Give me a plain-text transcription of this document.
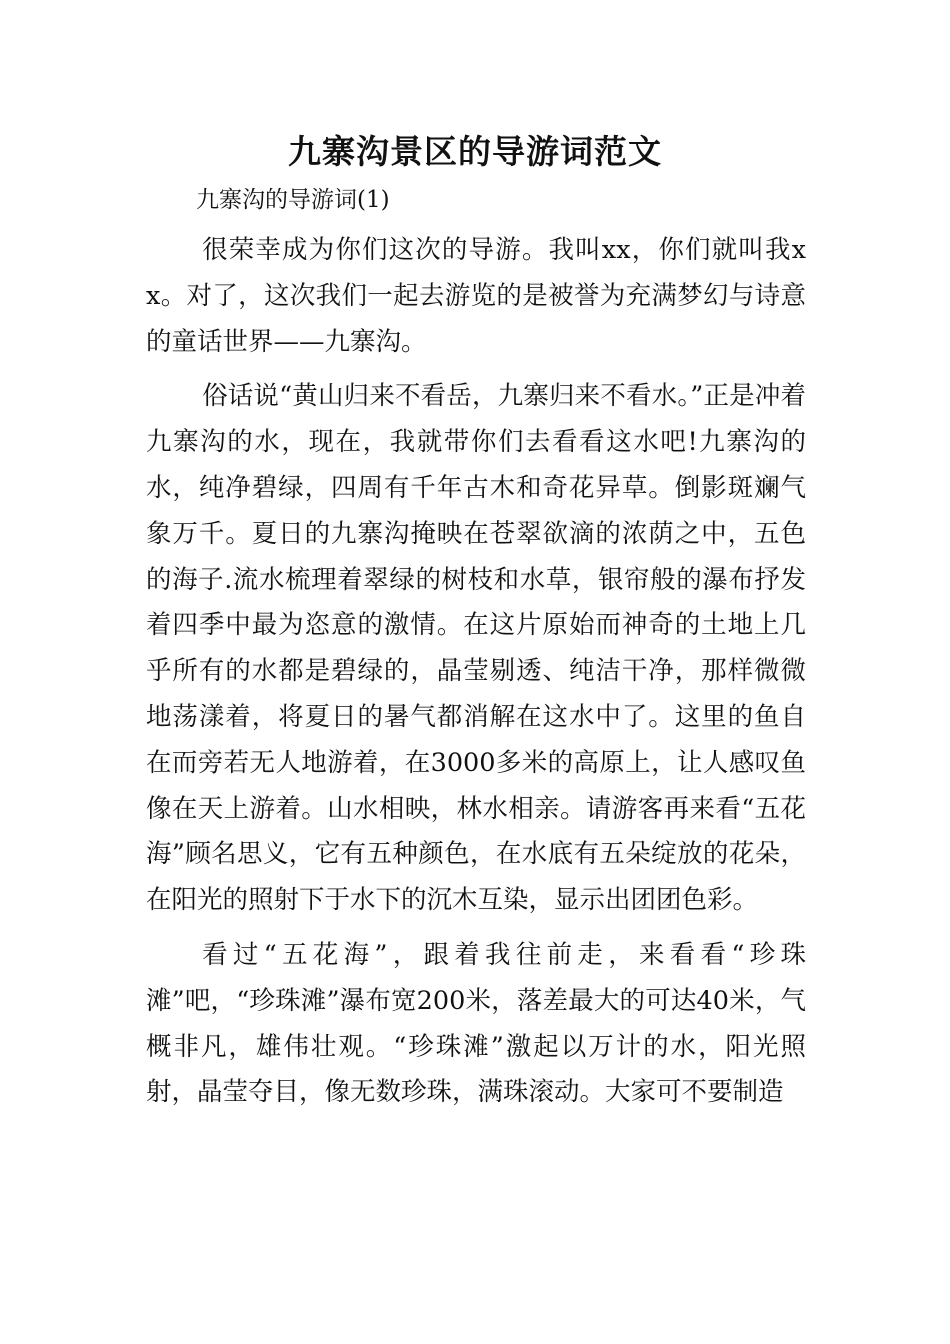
九寨沟景区的导游词范文

九寨沟的导游词(1)

很荣幸成为你们这次的导游。我叫xx，你们就叫我xx。对了，这次我们一起去游览的是被誉为充满梦幻与诗意的童话世界——九寨沟。

俗话说“黄山归来不看岳，九寨归来不看水。”正是冲着九寨沟的水，现在，我就带你们去看看这水吧!九寨沟的水，纯净碧绿，四周有千年古木和奇花异草。倒影斑斓气象万千。夏日的九寨沟掩映在苍翠欲滴的浓荫之中，五色的海子.流水梳理着翠绿的树枝和水草，银帘般的瀑布抒发着四季中最为恣意的激情。在这片原始而神奇的土地上几乎所有的水都是碧绿的，晶莹剔透、纯洁干净，那样微微地荡漾着，将夏日的暑气都消解在这水中了。这里的鱼自在而旁若无人地游着，在3000多米的高原上，让人感叹鱼像在天上游着。山水相映，林水相亲。请游客再来看“五花海”顾名思义，它有五种颜色，在水底有五朵绽放的花朵，在阳光的照射下于水下的沉木互染，显示出团团色彩。

看过“五花海”，跟着我往前走，来看看“珍珠滩”吧，“珍珠滩”瀑布宽200米，落差最大的可达40米，气概非凡，雄伟壮观。“珍珠滩”激起以万计的水，阳光照射，晶莹夺目，像无数珍珠，满珠滚动。大家可不要制造
